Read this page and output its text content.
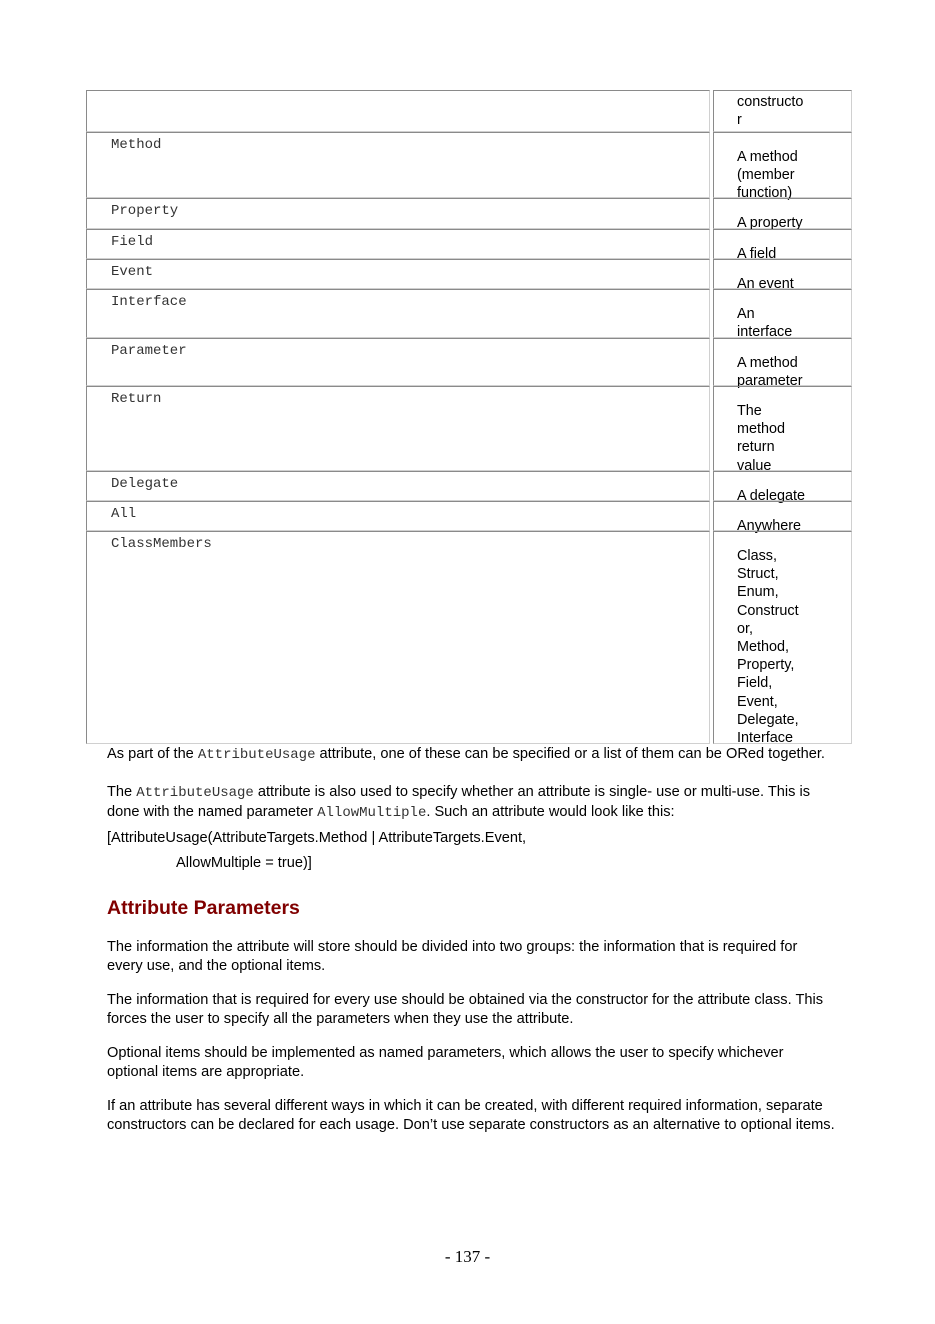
constructo
r
Method
A method
(member
function)
Property
A property
Field
A field
Event
An event
Interface
An
interface
Parameter
A method
parameter
Return
The
method
return
value
Delegate
A delegate
All
Anywhere
ClassMembers
Class,
Struct,
Enum,
Construct
or,
Method,
Property,
Field,
Event,
Delegate,
Interface
As part of the AttributeUsage attribute, one of these can be specified or a list of them can be ORed together.
The AttributeUsage attribute is also used to specify whether an attribute is single- use or multi-use. This is done with the named parameter AllowMultiple. Such an attribute would look like this:
[AttributeUsage(AttributeTargets.Method | AttributeTargets.Event,
AllowMultiple = true)]
Attribute Parameters
The information the attribute will store should be divided into two groups: the information that is required for every use, and the optional items.
The information that is required for every use should be obtained via the constructor for the attribute class. This forces the user to specify all the parameters when they use the attribute.
Optional items should be implemented as named parameters, which allows the user to specify whichever optional items are appropriate.
If an attribute has several different ways in which it can be created, with different required information, separate constructors can be declared for each usage. Don’t use separate constructors as an alternative to optional items.
- 137 -
